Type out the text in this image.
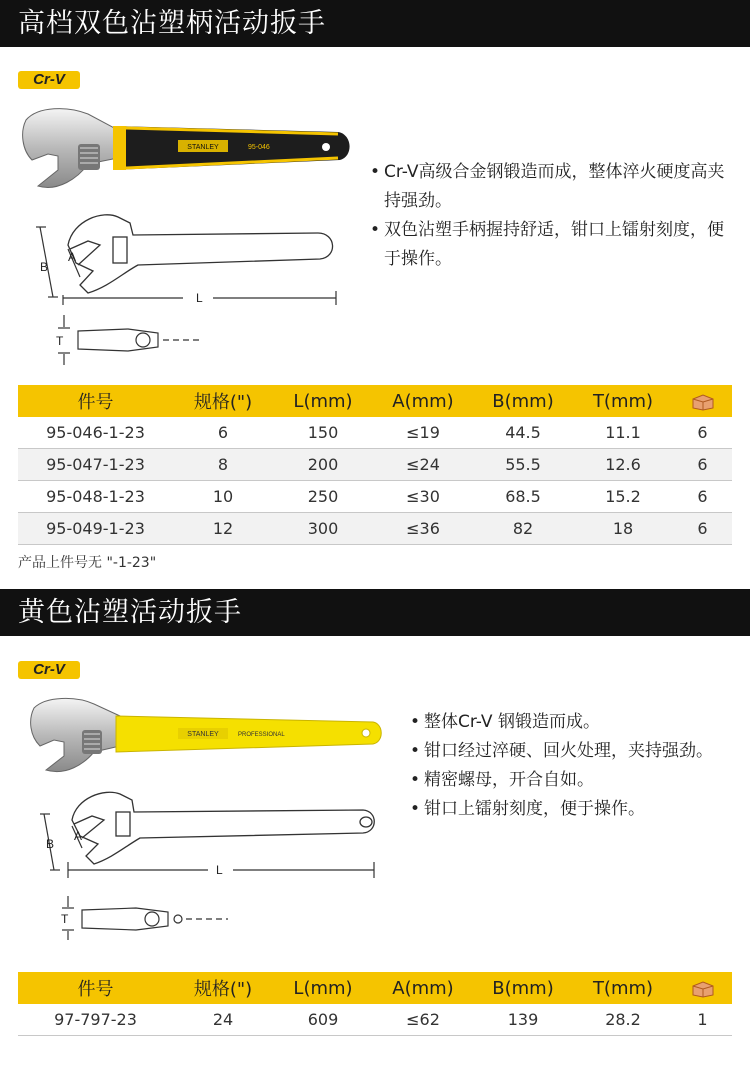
高档双色沾塑柄活动扳手
Cr-V
STANLEY	95-046
B
A
L
T
• Cr-V高级合金钢锻造而成，整体淬火硬度高夹持强劲。
• 双色沾塑手柄握持舒适，钳口上镭射刻度，便于操作。
件号	规格(")	L(mm)	A(mm)	B(mm)	T(mm)	
95-046-1-23	6	150	≤19	44.5	11.1	6
95-047-1-23	8	200	≤24	55.5	12.6	6
95-048-1-23	10	250	≤30	68.5	15.2	6
95-049-1-23	12	300	≤36	82	18	6
产品上件号无 "-1-23"
黄色沾塑活动扳手
Cr-V
STANLEY	PROFESSIONAL
B
A
L
T
• 整体Cr-V 钢锻造而成。
• 钳口经过淬硬、回火处理，夹持强劲。
• 精密螺母，开合自如。
• 钳口上镭射刻度，便于操作。
件号	规格(")	L(mm)	A(mm)	B(mm)	T(mm)	
97-797-23	24	609	≤62	139	28.2	1
